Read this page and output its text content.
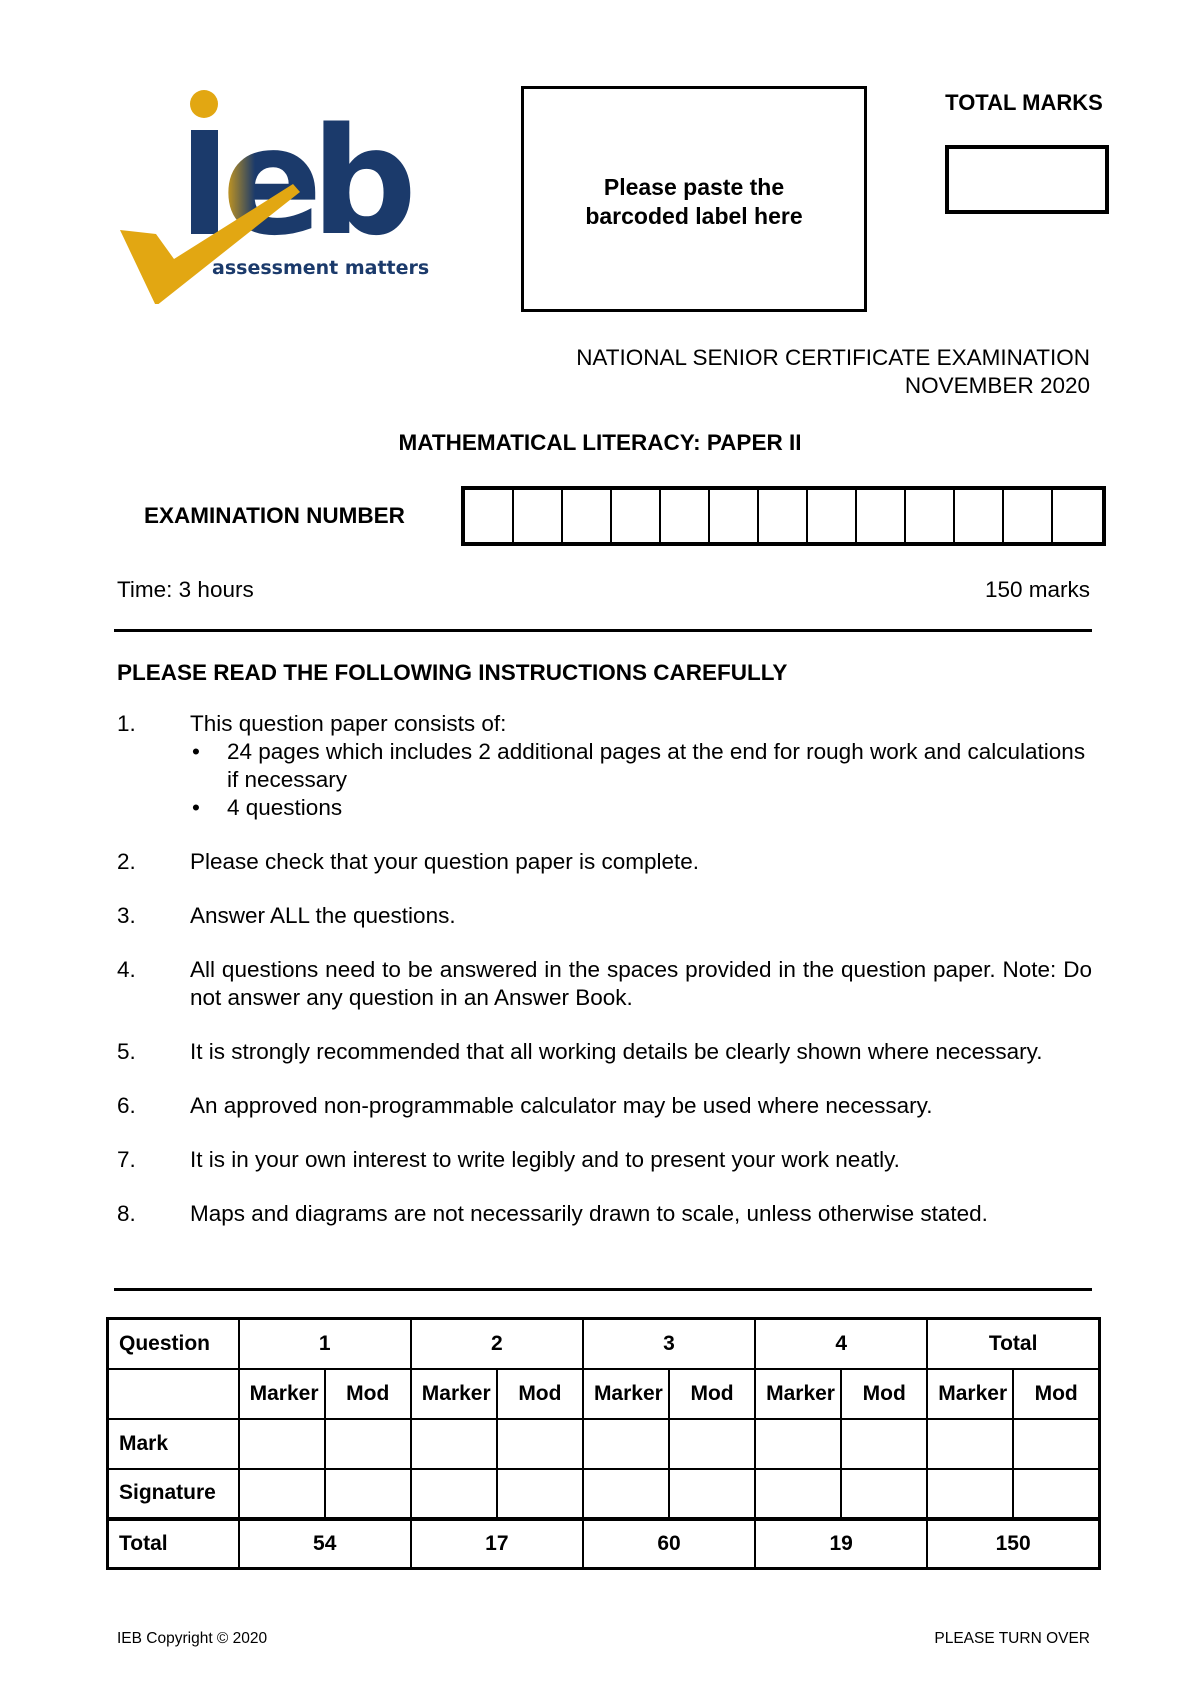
e
b
assessment matters
Please paste the barcoded label here
TOTAL MARKS
NATIONAL SENIOR CERTIFICATE EXAMINATION
NOVEMBER 2020
MATHEMATICAL LITERACY: PAPER II
EXAMINATION NUMBER
Time: 3 hours	150 marks
PLEASE READ THE FOLLOWING INSTRUCTIONS CAREFULLY
1. This question paper consists of:
• 24 pages which includes 2 additional pages at the end for rough work and calculations if necessary
• 4 questions
2. Please check that your question paper is complete.
3. Answer ALL the questions.
4. All questions need to be answered in the spaces provided in the question paper. Note: Do not answer any question in an Answer Book.
5. It is strongly recommended that all working details be clearly shown where necessary.
6. An approved non-programmable calculator may be used where necessary.
7. It is in your own interest to write legibly and to present your work neatly.
8. Maps and diagrams are not necessarily drawn to scale, unless otherwise stated.
Question	1		2		3		4		Total	
	Marker	Mod	Marker	Mod	Marker	Mod	Marker	Mod	Marker	Mod
Mark										
Signature										
Total	54		17		60		19		150	
IEB Copyright © 2020	PLEASE TURN OVER
